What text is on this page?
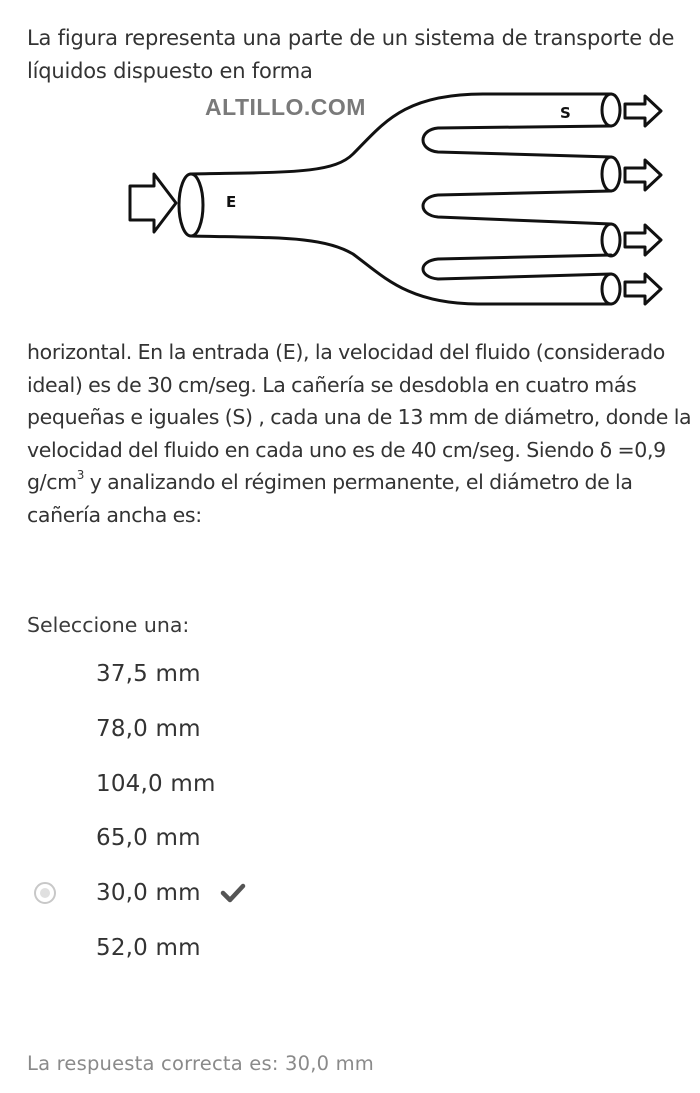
La figura representa una parte de un sistema de transporte de líquidos dispuesto en forma
E
S
ALTILLO.COM
horizontal. En la entrada (E), la velocidad del fluido (considerado ideal) es de 30 cm/seg. La cañería se desdobla en cuatro más pequeñas e iguales (S) , cada una de 13 mm de diámetro, donde la velocidad del fluido en cada uno es de 40 cm/seg. Siendo δ =0,9 $g/cm^3$ y analizando el régimen permanente, el diámetro de la cañería ancha es:
Seleccione una:
37,5 mm
78,0 mm
104,0 mm
65,0 mm
30,0 mm
52,0 mm
La respuesta correcta es: 30,0 mm
